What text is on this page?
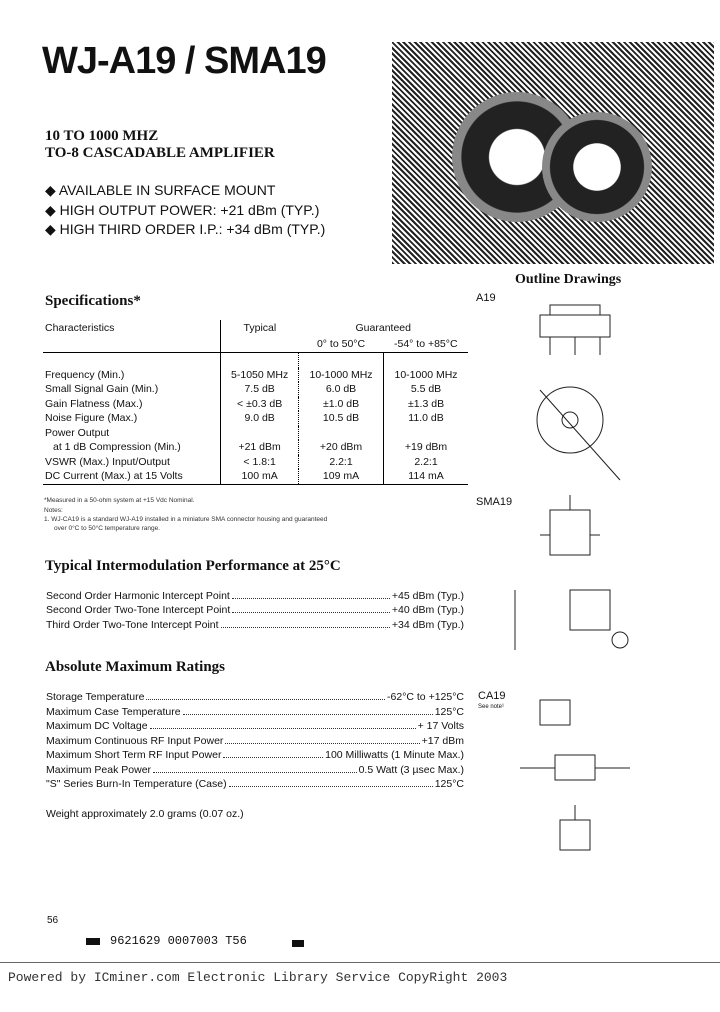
WJ-A19 / SMA19
10 TO 1000 MHZ
TO-8 CASCADABLE AMPLIFIER
◆ AVAILABLE IN SURFACE MOUNT
◆ HIGH OUTPUT POWER: +21 dBm (TYP.)
◆ HIGH THIRD ORDER I.P.: +34 dBm (TYP.)
Specifications*
Characteristics	Typical	Guaranteed	
		0° to 50°C	-54° to +85°C

Frequency (Min.)	5-1050 MHz	10-1000 MHz	10-1000 MHz
Small Signal Gain (Min.)	7.5 dB	6.0 dB	5.5 dB
Gain Flatness (Max.)	< ±0.3 dB	±1.0 dB	±1.3 dB
Noise Figure (Max.)	9.0 dB	10.5 dB	11.0 dB
Power Output			
at 1 dB Compression (Min.)	+21 dBm	+20 dBm	+19 dBm
VSWR (Max.) Input/Output	< 1.8:1	2.2:1	2.2:1
DC Current (Max.) at 15 Volts	100 mA	109 mA	114 mA
*Measured in a 50-ohm system at +15 Vdc Nominal.
Notes:
1. WJ-CA19 is a standard WJ-A19 installed in a miniature SMA connector housing and guaranteed
over 0°C to 50°C temperature range.
Typical Intermodulation Performance at 25°C
Second Order Harmonic Intercept Point	+45 dBm (Typ.)
Second Order Two-Tone Intercept Point	+40 dBm (Typ.)
Third Order Two-Tone Intercept Point	+34 dBm (Typ.)
Absolute Maximum Ratings
Storage Temperature	-62°C to +125°C
Maximum Case Temperature	125°C
Maximum DC Voltage	+ 17 Volts
Maximum Continuous RF Input Power	+17 dBm
Maximum Short Term RF Input Power	100 Milliwatts (1 Minute Max.)
Maximum Peak Power	0.5 Watt (3 µsec Max.)
"S" Series Burn-In Temperature (Case)	125°C
Weight approximately 2.0 grams (0.07 oz.)
Outline Drawings
A19
SMA19
CA19
See note¹
56
9621629 0007003 T56
Powered by ICminer.com Electronic Library Service CopyRight 2003
